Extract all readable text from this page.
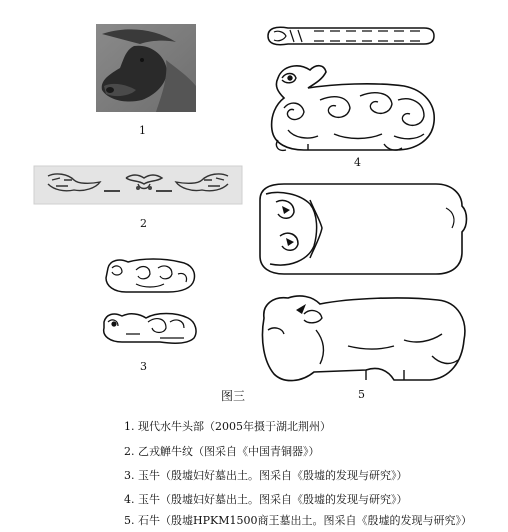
1
2
3
4
5
图三
1. 现代水牛头部（2005年摄于湖北荆州）
2. 乙戎觯牛纹（图采自《中国青铜器》）
3. 玉牛（殷墟妇好墓出土。图采自《殷墟的发现与研究》）
4. 玉牛（殷墟妇好墓出土。图采自《殷墟的发现与研究》）
5. 石牛（殷墟HPKM1500商王墓出土。图采自《殷墟的发现与研究》）
